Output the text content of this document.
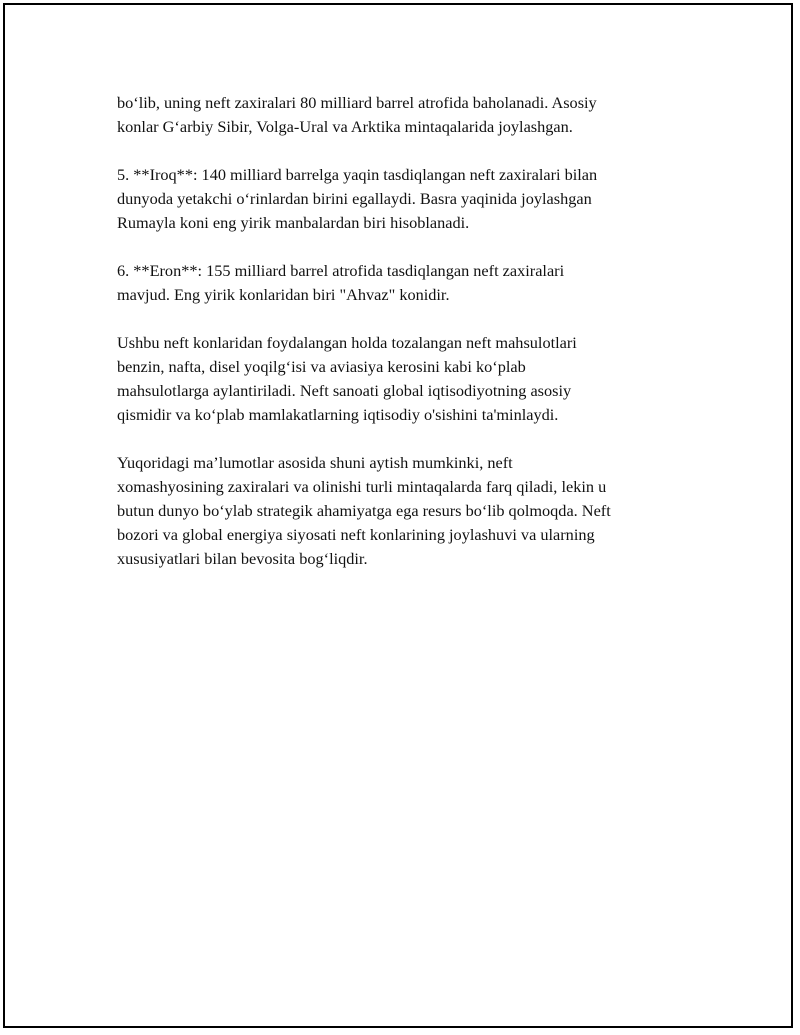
bo‘lib, uning neft zaxiralari 80 milliard barrel atrofida baholanadi. Asosiy
konlar G‘arbiy Sibir, Volga-Ural va Arktika mintaqalarida joylashgan.

5. **Iroq**: 140 milliard barrelga yaqin tasdiqlangan neft zaxiralari bilan
dunyoda yetakchi o‘rinlardan birini egallaydi. Basra yaqinida joylashgan
Rumayla koni eng yirik manbalardan biri hisoblanadi.

6. **Eron**: 155 milliard barrel atrofida tasdiqlangan neft zaxiralari
mavjud. Eng yirik konlaridan biri "Ahvaz" konidir.

Ushbu neft konlaridan foydalangan holda tozalangan neft mahsulotlari
benzin, nafta, disel yoqilg‘isi va aviasiya kerosini kabi ko‘plab
mahsulotlarga aylantiriladi. Neft sanoati global iqtisodiyotning asosiy
qismidir va ko‘plab mamlakatlarning iqtisodiy o'sishini ta'minlaydi.

Yuqoridagi ma’lumotlar asosida shuni aytish mumkinki, neft
xomashyosining zaxiralari va olinishi turli mintaqalarda farq qiladi, lekin u
butun dunyo bo‘ylab strategik ahamiyatga ega resurs bo‘lib qolmoqda. Neft
bozori va global energiya siyosati neft konlarining joylashuvi va ularning
xususiyatlari bilan bevosita bog‘liqdir.
